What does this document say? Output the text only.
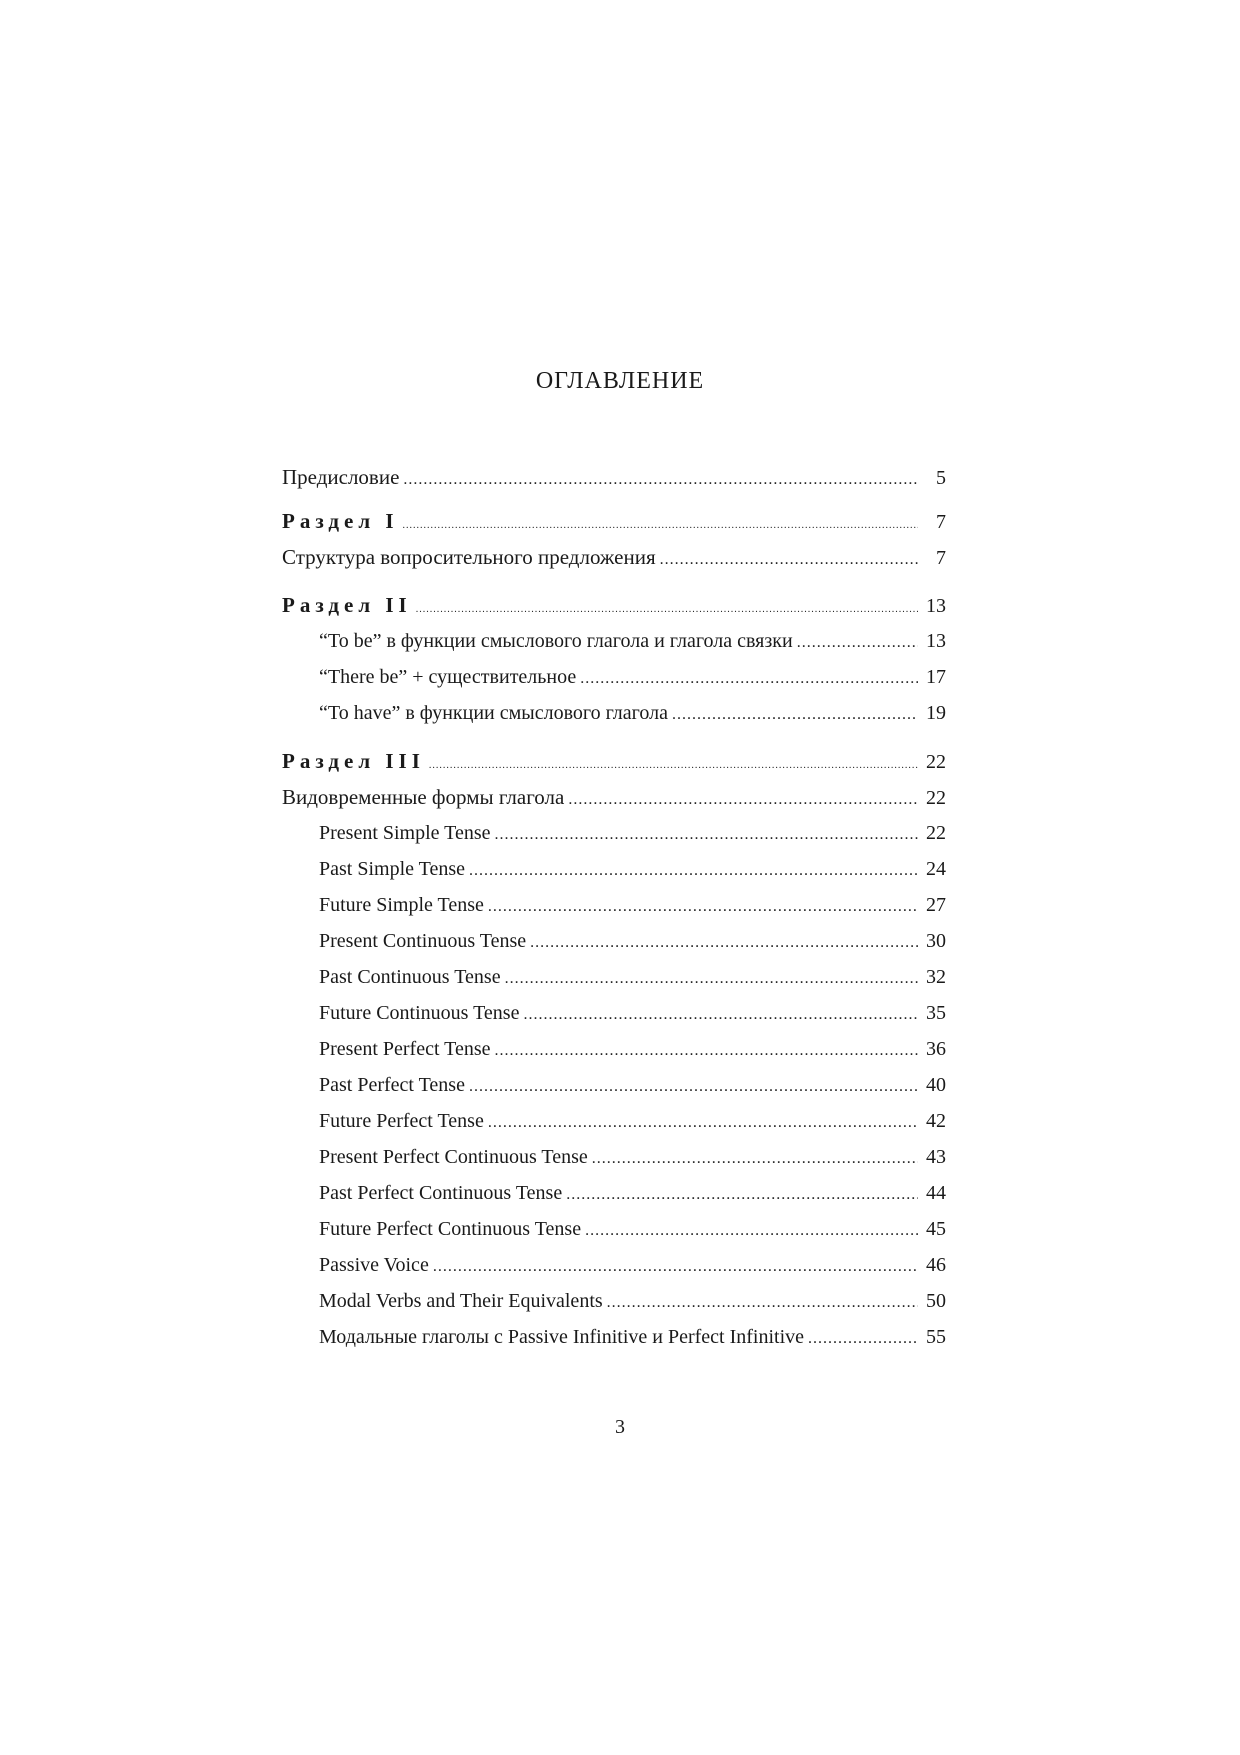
ОГЛАВЛЕНИЕ
Предисловие .....	5
Раздел I .....	7
Структура вопросительного предложения .....	7
Раздел II .....	13
“To be” в функции смыслового глагола и глагола связки .....	13
“There be” + существительное .....	17
“To have” в функции смыслового глагола .....	19
Раздел III .....	22
Видовременные формы глагола .....	22
Present Simple Tense .....	22
Past Simple Tense .....	24
Future Simple Tense .....	27
Present Continuous Tense .....	30
Past Continuous Tense .....	32
Future Continuous Tense .....	35
Present Perfect Tense .....	36
Past Perfect Tense .....	40
Future Perfect Tense .....	42
Present Perfect Continuous Tense .....	43
Past Perfect Continuous Tense .....	44
Future Perfect Continuous Tense .....	45
Passive Voice .....	46
Modal Verbs and Their Equivalents .....	50
Модальные глаголы с Passive Infinitive и Perfect Infinitive .....	55
3
